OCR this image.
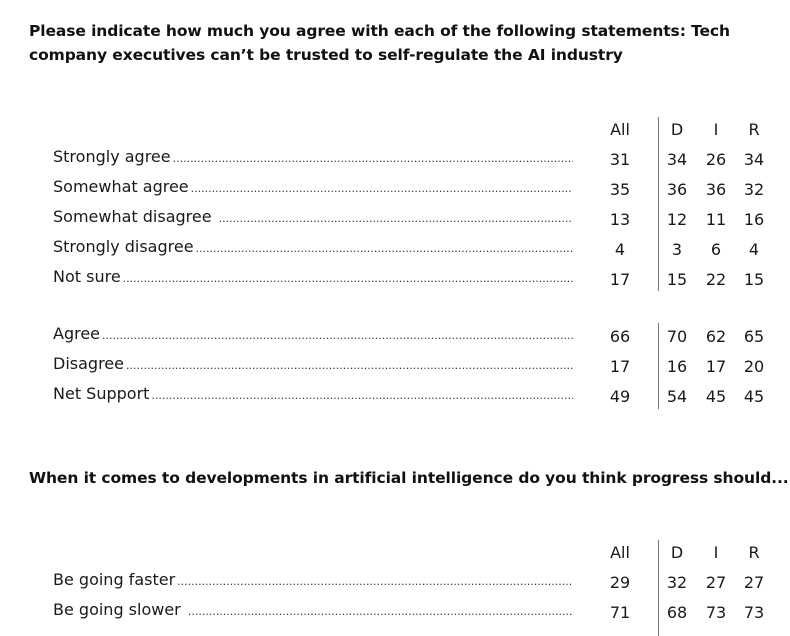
Please indicate how much you agree with each of the following statements: Tech company executives can’t be trusted to self-regulate the AI industry
All	D	I	R
Strongly agree .....	31	34	26	34
Somewhat agree .....	35	36	36	32
Somewhat disagree .....	13	12	11	16
Strongly disagree .....	4	3	6	4
Not sure .....	17	15	22	15
Agree .....	66	70	62	65
Disagree .....	17	16	17	20
Net Support .....	49	54	45	45
When it comes to developments in artificial intelligence do you think progress should...
All	D	I	R
Be going faster .....	29	32	27	27
Be going slower .....	71	68	73	73
